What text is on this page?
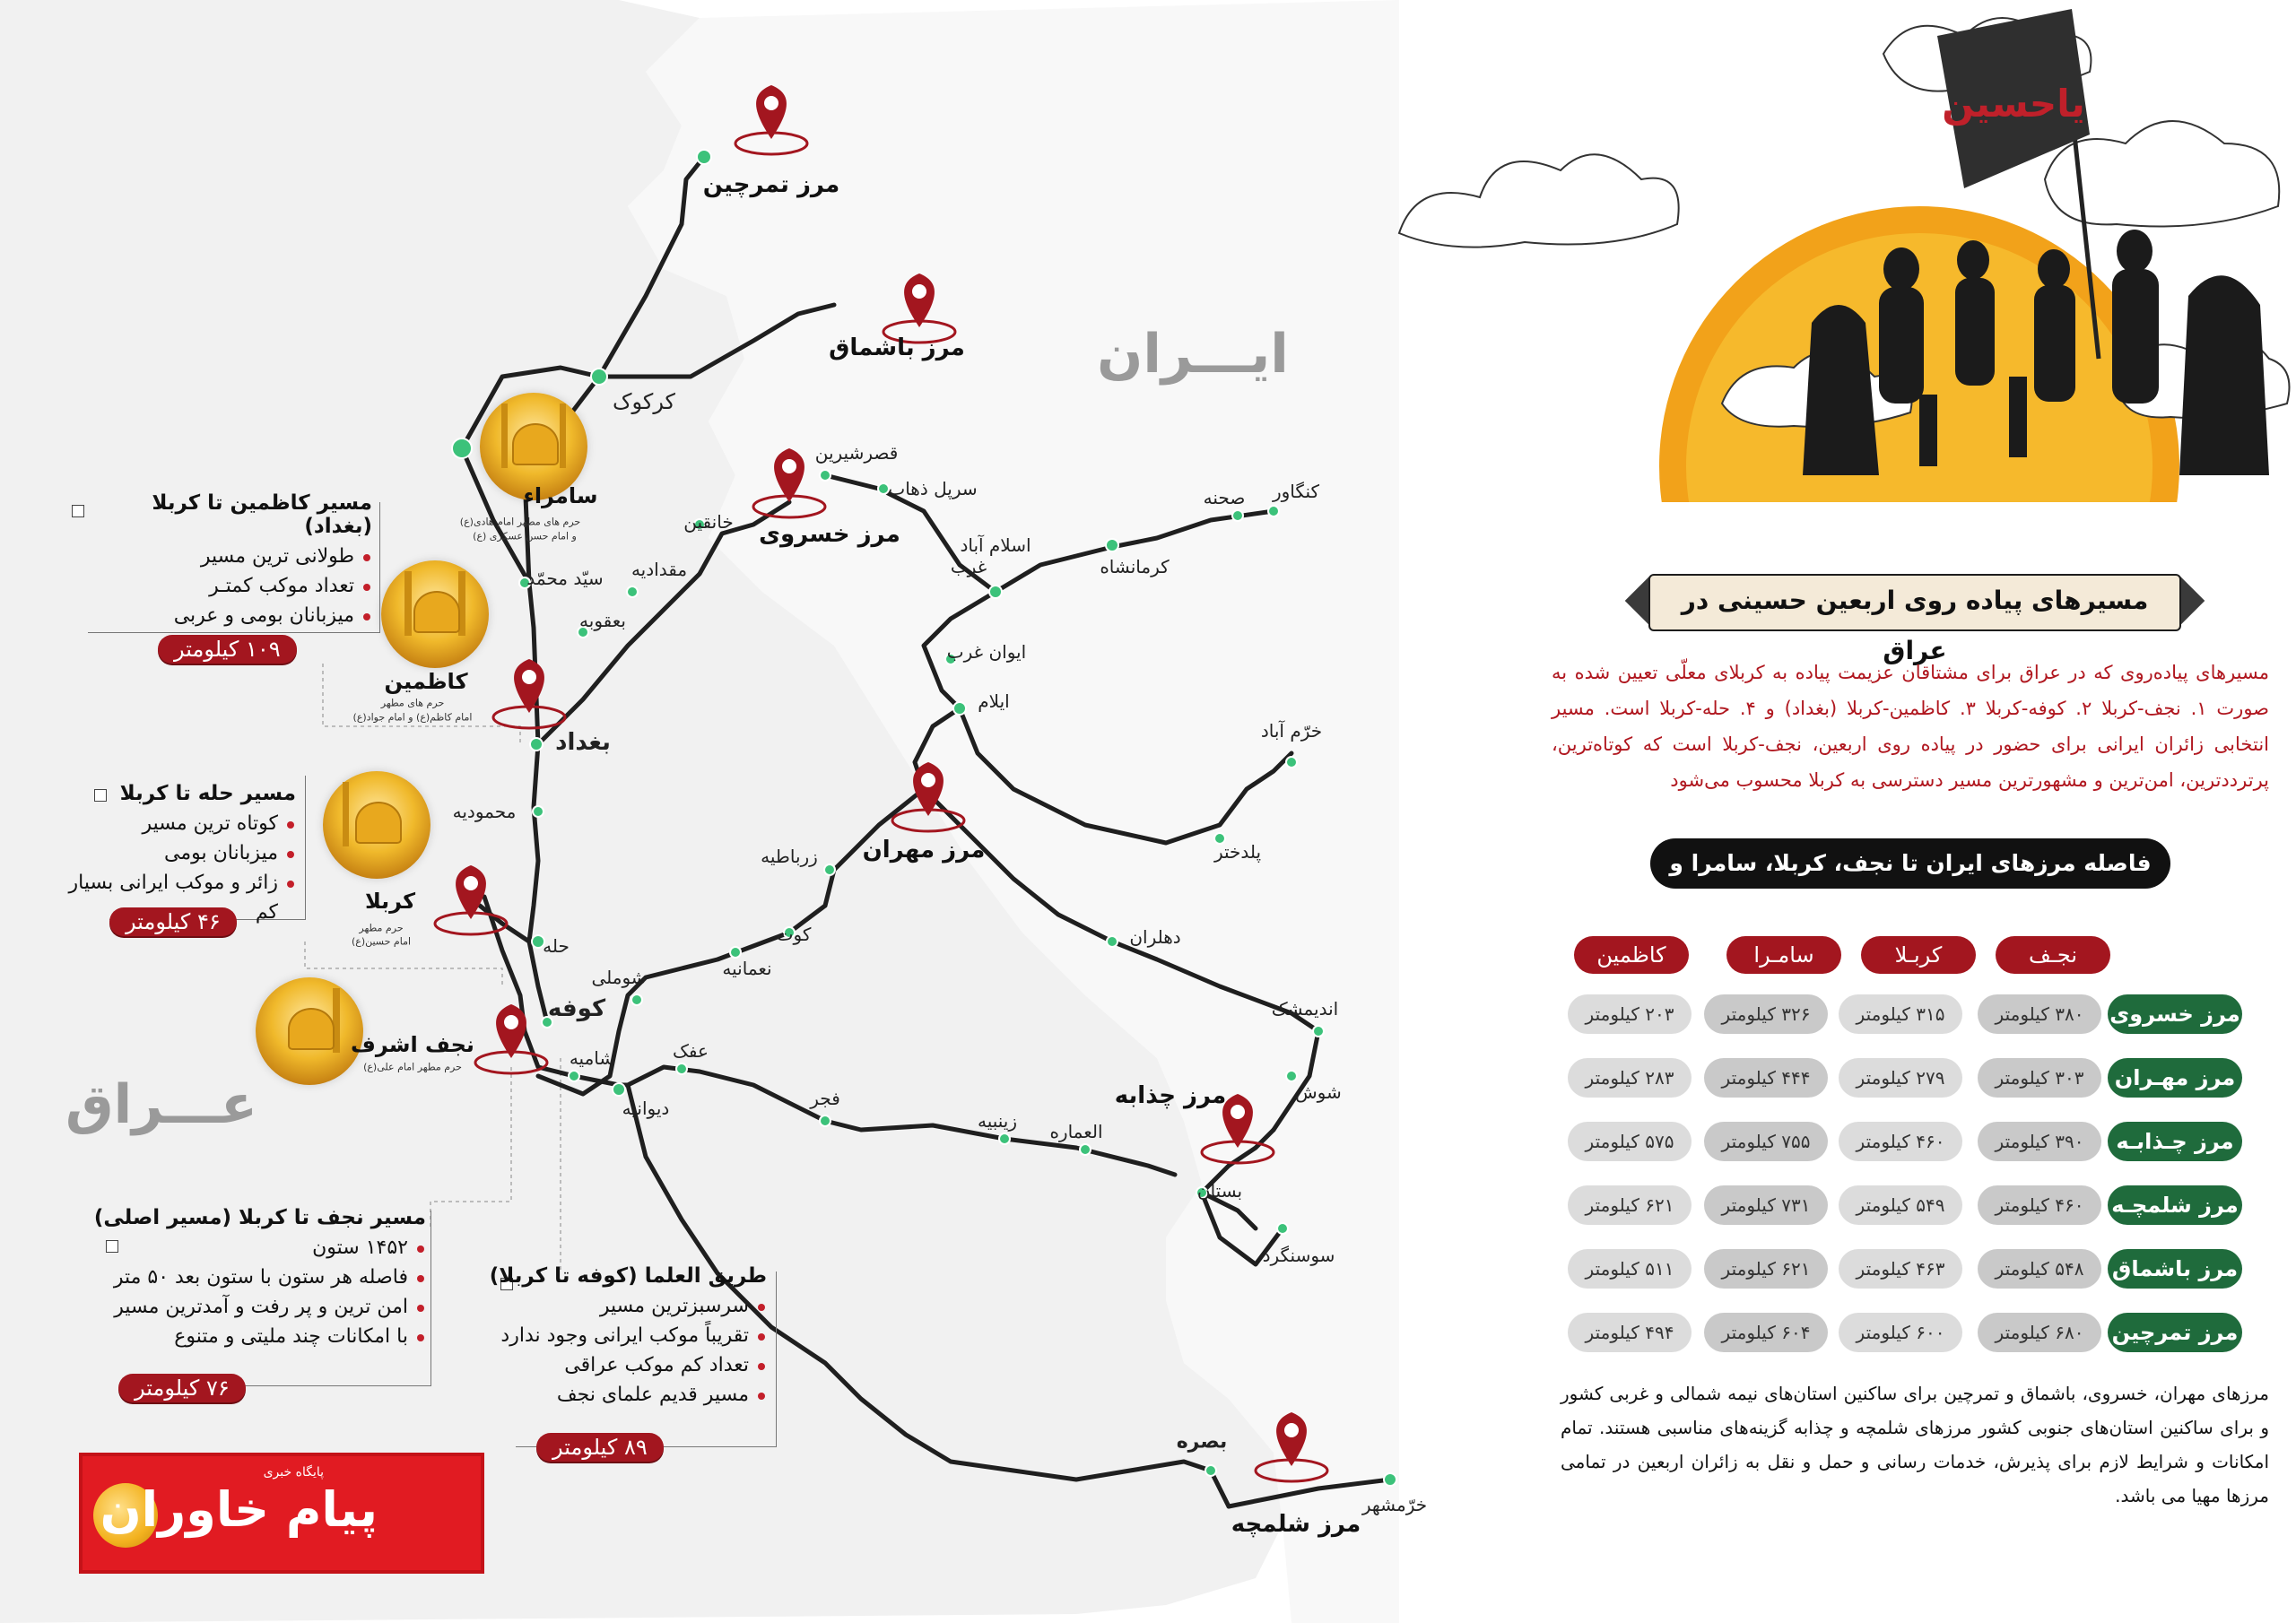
ایـــران
عـــراق
مرز تمرچین
مرز باشماق
مرز خسروی
مرز مهران
مرز چذابه
مرز شلمچه
سامراء
حرم های مطهر امام هادی(ع)
و امام حسن عسکری (ع)
کاظمین
حرم های مطهر
امام کاظم(ع) و امام جواد(ع)
کربلا
حرم مطهر
امام حسین(ع)
نجف اشرف
حرم مطهر امام علی(ع)
کرکوک
بغداد
کوفه
حله
محمودیه
سیّد محمّد
بعقوبه
مقدادیه
خانقین
قصرشیرین
سرپل ذهاب
اسلام آباد
غرب	کرمانشاه
صحنه کنگاور
ایوان غرب
ایلام
خرّم آباد
پلدختر
دهلران
اندیمشک
شوش
بستان
سوسنگرد
بصره
خرّمشهر
زرباطیه
کوت
نعمانیه
شوملی
شامیه
دیوانیه
عفک
فجر
زینبیه العماره
مسیر کاظمین تا کربلا (بغداد)
طولانی ترین مسیر
تعداد موکب کمتـر
میزبانان بومی و عربی
۱۰۹ کیلومتر
مسیر حله تا کربلا
کوتاه ترین مسیر
میزبانان بومی
زائر و موکب ایرانی بسیار کم
۴۶ کیلومتر
مسیر نجف تا کربلا (مسیر اصلی)
۱۴۵۲ ستون
فاصله هر ستون با ستون بعد ۵۰ متر
امن ترین و پر رفت و آمدترین مسیر
با امکانات چند ملیتی و متنوع
۷۶ کیلومتر
طریق العلما (کوفه تا کربلا)
سرسبزترین مسیر
تقریباً موکب ایرانی وجود ندارد
تعداد کم موکب عراقی
مسیر قدیم علمای نجف
۸۹ کیلومتر
پایگاه خبری
پیام خاوران
یاحسین
مسیرهای پیاده روی اربعین حسینی در عراق
مسیرهای پیاده‌روی که در عراق برای مشتاقان عزیمت پیاده به کربلای معلّی تعیین شده به صورت ۱. نجف-کربلا ۲. کوفه-کربلا ۳. کاظمین-کربلا (بغداد) و ۴. حله-کربلا است. مسیر انتخابی زائران ایرانی برای حضور در پیاده روی اربعین، نجف-کربلا است که کوتاه‌ترین، پرتردد‌ترین، امن‌ترین و مشهورترین مسیر دسترسی به کربلا محسوب می‌شود
فاصله مرزهای ایران تا نجف، کربلا، سامرا و کاظمین
نجـف
کربـلا
سامـرا
کاظمین
مرز خسروی
۳۸۰ کیلومتر
۳۱۵ کیلومتر
۳۲۶ کیلومتر
۲۰۳ کیلومتر
مرز مهـران
۳۰۳ کیلومتر
۲۷۹ کیلومتر
۴۴۴ کیلومتر
۲۸۳ کیلومتر
مرز چـذابـه
۳۹۰ کیلومتر
۴۶۰ کیلومتر
۷۵۵ کیلومتر
۵۷۵ کیلومتر
مرز شلمچـه
۴۶۰ کیلومتر
۵۴۹ کیلومتر
۷۳۱ کیلومتر
۶۲۱ کیلومتر
مرز باشماق
۵۴۸ کیلومتر
۴۶۳ کیلومتر
۶۲۱ کیلومتر
۵۱۱ کیلومتر
مرز تمرچین
۶۸۰ کیلومتر
۶۰۰ کیلومتر
۶۰۴ کیلومتر
۴۹۴ کیلومتر
مرزهای مهران، خسروی، باشماق و تمرچین برای ساکنین استان‌های نیمه شمالی و غربی کشور و برای ساکنین استان‌های جنوبی کشور مرزهای شلمچه و چذابه گزینه‌های مناسبی هستند. تمام امکانات و شرایط لازم برای پذیرش، خدمات رسانی و حمل و نقل به زائران اربعین در تمامی مرزها مهیا می باشد.
